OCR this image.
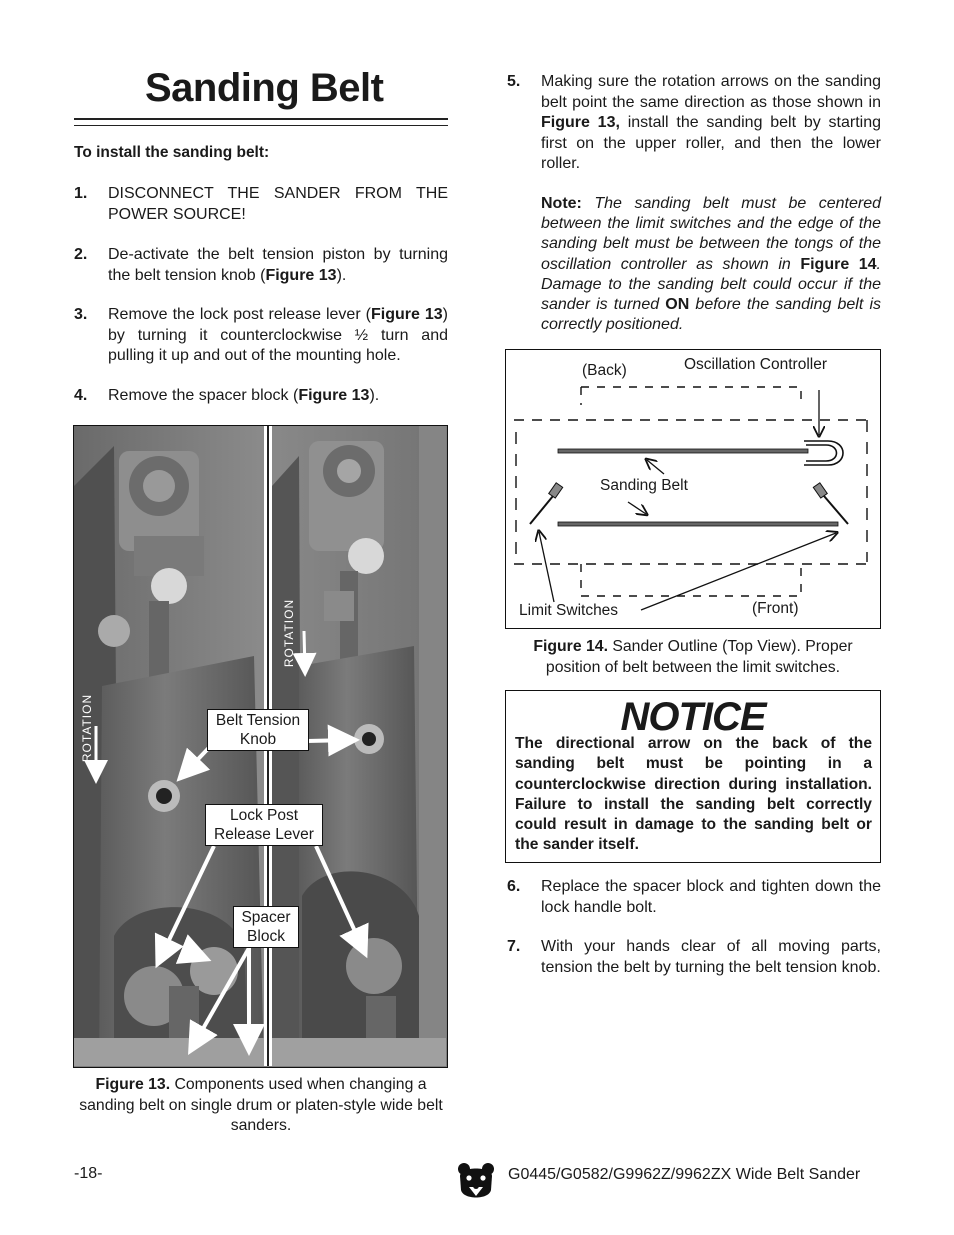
Sanding Belt
To install the sanding belt:
1. DISCONNECT THE SANDER FROM THE POWER SOURCE!
2. De-activate the belt tension piston by turning the belt tension knob (Figure 13).
3. Remove the lock post release lever (Figure 13) by turning it counterclockwise ½ turn and pulling it up and out of the mounting hole.
4. Remove the spacer block (Figure 13).
ROTATION
ROTATION
Belt Tension Knob
Lock Post Release Lever
Spacer Block
Figure 13. Components used when changing a sanding belt on single drum or platen-style wide belt sanders.
5. Making sure the rotation arrows on the sanding belt point the same direction as those shown in Figure 13, install the sanding belt by starting first on the upper roller, and then the lower roller.
Note: The sanding belt must be centered between the limit switches and the edge of the sanding belt must be between the tongs of the oscillation controller as shown in Figure 14. Damage to the sanding belt could occur if the sander is turned ON before the sanding belt is correctly positioned.
(Back)	Oscillation Controller
Sanding Belt
Limit Switches	(Front)
Figure 14. Sander Outline (Top View). Proper position of belt between the limit switches.
NOTICE
The directional arrow on the back of the sanding belt must be pointing in a counterclockwise direction during installation. Failure to install the sanding belt correctly could result in damage to the sanding belt or the sander itself.
6. Replace the spacer block and tighten down the lock handle bolt.
7. With your hands clear of all moving parts, tension the belt by turning the belt tension knob.
-18-	G0445/G0582/G9962Z/9962ZX Wide Belt Sander
